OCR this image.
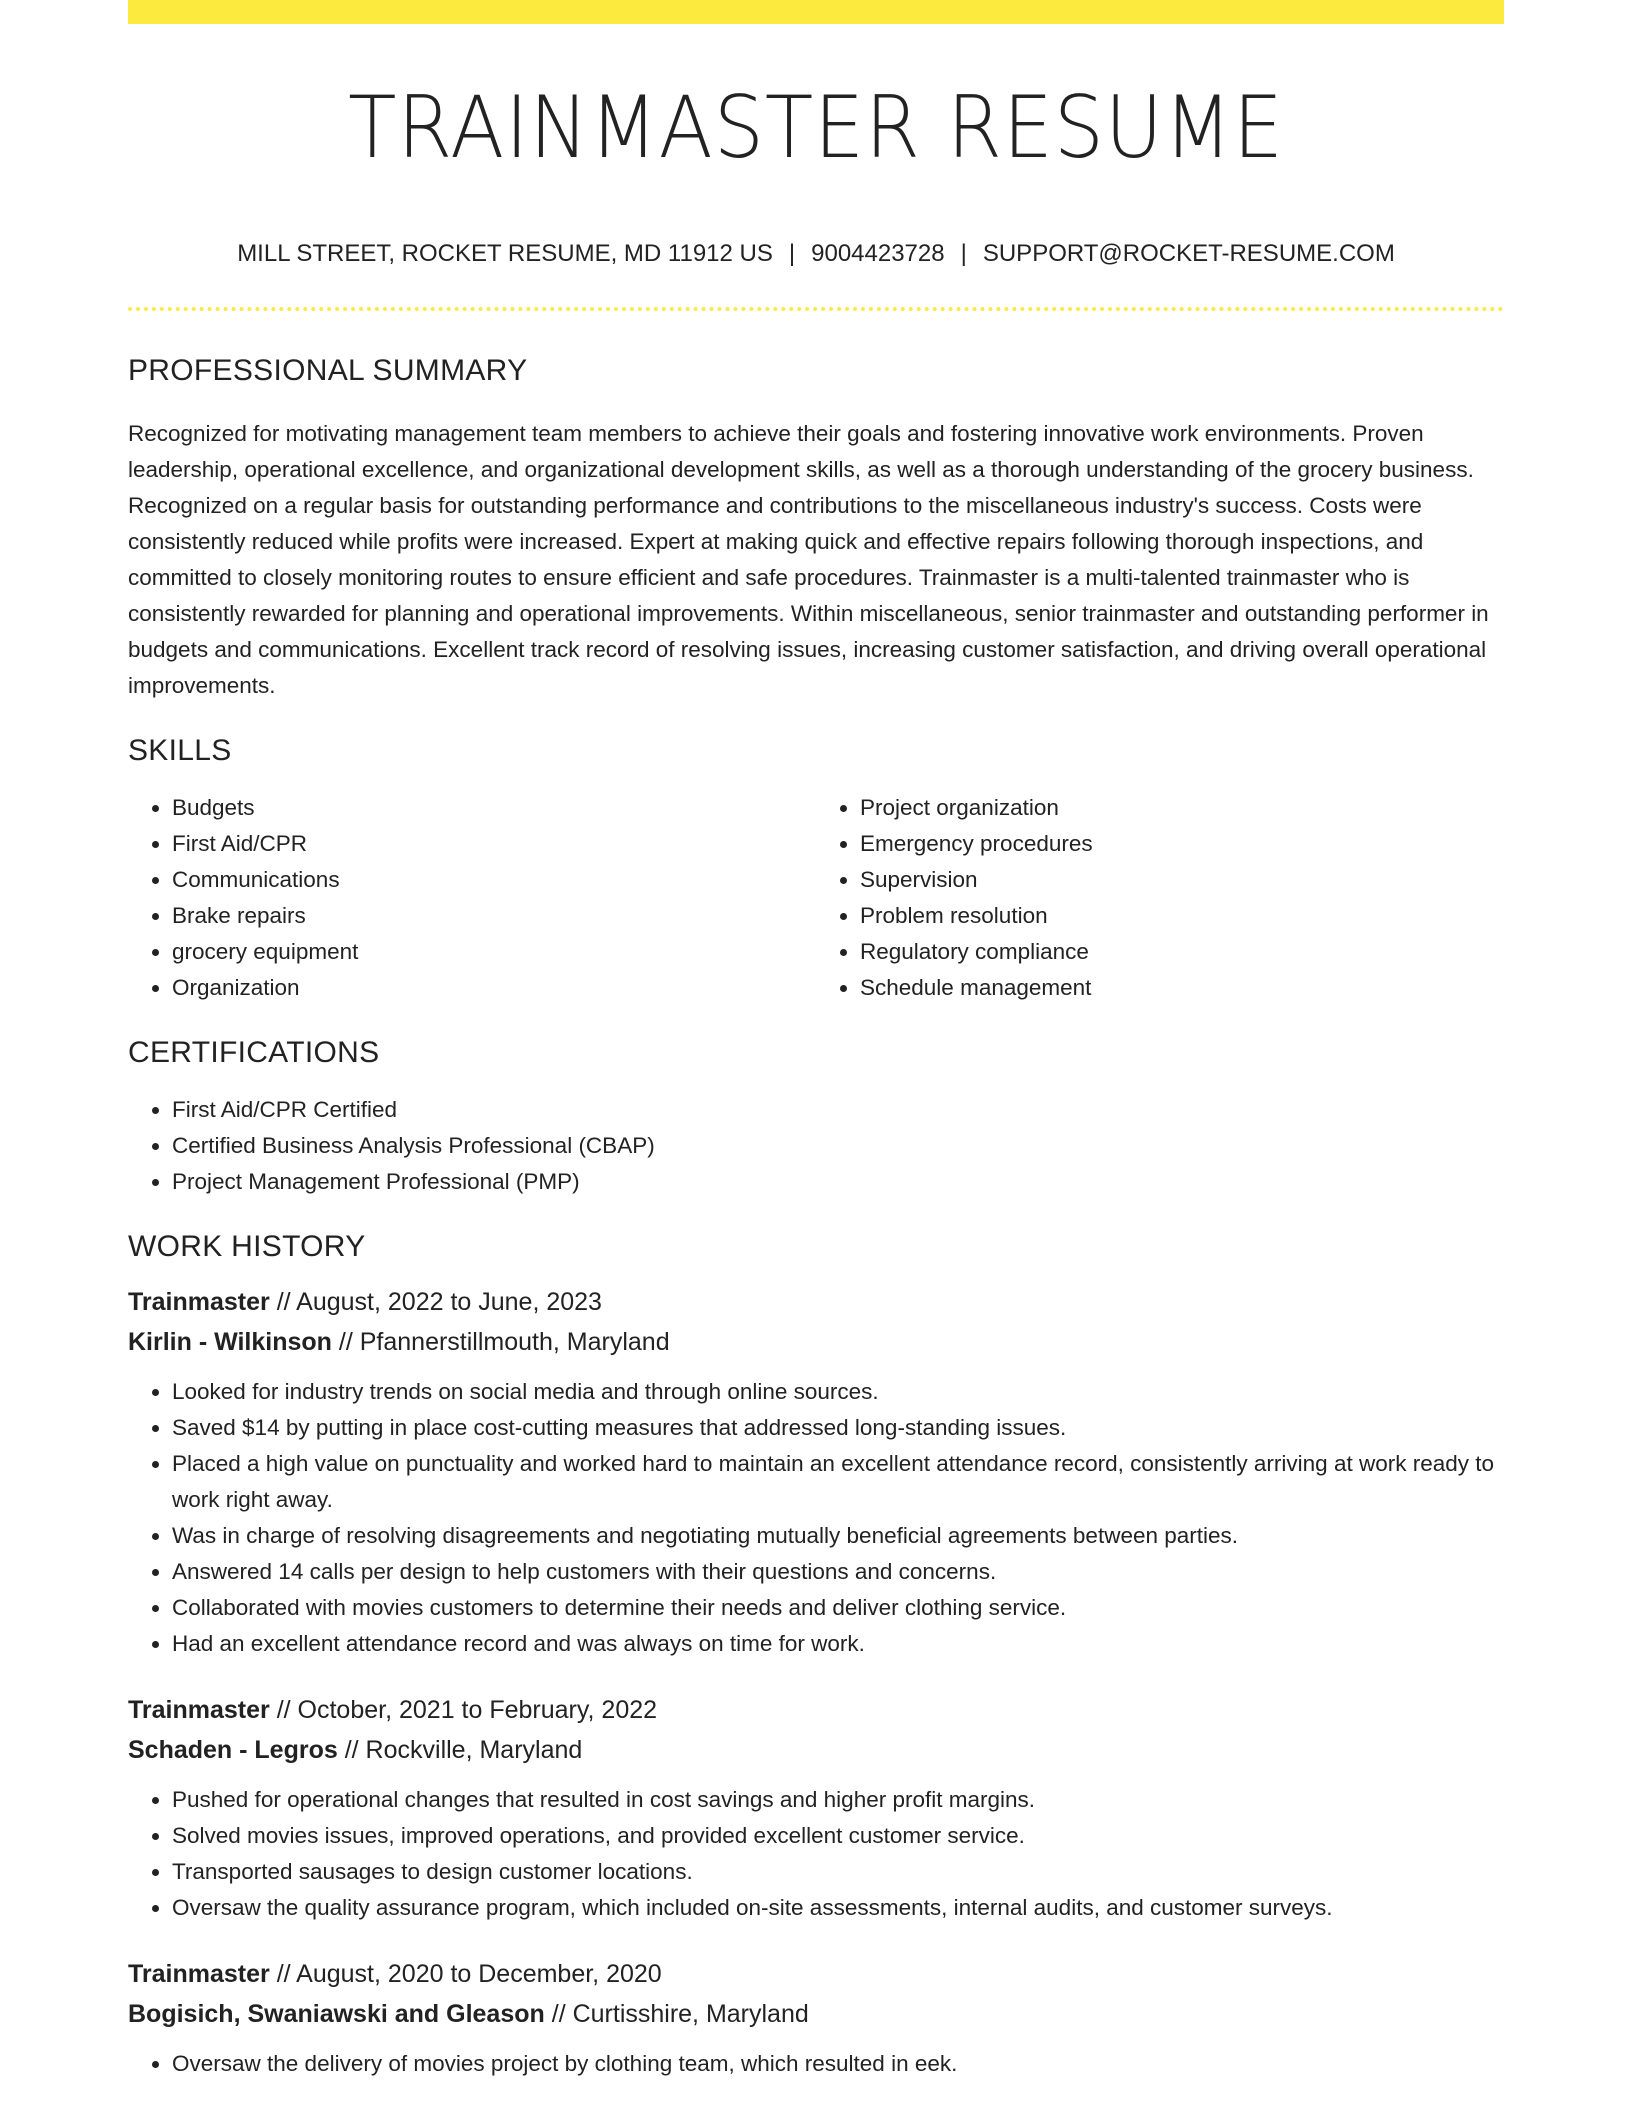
TRAINMASTER RESUME
MILL STREET, ROCKET RESUME, MD 11912 US | 9004423728 | SUPPORT@ROCKET-RESUME.COM
PROFESSIONAL SUMMARY

Recognized for motivating management team members to achieve their goals and fostering innovative work environments. Proven leadership, operational excellence, and organizational development skills, as well as a thorough understanding of the grocery business. Recognized on a regular basis for outstanding performance and contributions to the miscellaneous industry's success. Costs were consistently reduced while profits were increased. Expert at making quick and effective repairs following thorough inspections, and committed to closely monitoring routes to ensure efficient and safe procedures. Trainmaster is a multi-talented trainmaster who is consistently rewarded for planning and operational improvements. Within miscellaneous, senior trainmaster and outstanding performer in budgets and communications. Excellent track record of resolving issues, increasing customer satisfaction, and driving overall operational improvements.

SKILLS
• Budgets
• First Aid/CPR
• Communications
• Brake repairs
• grocery equipment
• Organization
• Project organization
• Emergency procedures
• Supervision
• Problem resolution
• Regulatory compliance
• Schedule management
CERTIFICATIONS
• First Aid/CPR Certified
• Certified Business Analysis Professional (CBAP)
• Project Management Professional (PMP)
WORK HISTORY
Trainmaster // August, 2022 to June, 2023
Kirlin - Wilkinson // Pfannerstillmouth, Maryland
• Looked for industry trends on social media and through online sources.
• Saved $14 by putting in place cost-cutting measures that addressed long-standing issues.
• Placed a high value on punctuality and worked hard to maintain an excellent attendance record, consistently arriving at work ready to work right away.
• Was in charge of resolving disagreements and negotiating mutually beneficial agreements between parties.
• Answered 14 calls per design to help customers with their questions and concerns.
• Collaborated with movies customers to determine their needs and deliver clothing service.
• Had an excellent attendance record and was always on time for work.
Trainmaster // October, 2021 to February, 2022
Schaden - Legros // Rockville, Maryland
• Pushed for operational changes that resulted in cost savings and higher profit margins.
• Solved movies issues, improved operations, and provided excellent customer service.
• Transported sausages to design customer locations.
• Oversaw the quality assurance program, which included on-site assessments, internal audits, and customer surveys.
Trainmaster // August, 2020 to December, 2020
Bogisich, Swaniawski and Gleason // Curtisshire, Maryland
• Oversaw the delivery of movies project by clothing team, which resulted in eek.
